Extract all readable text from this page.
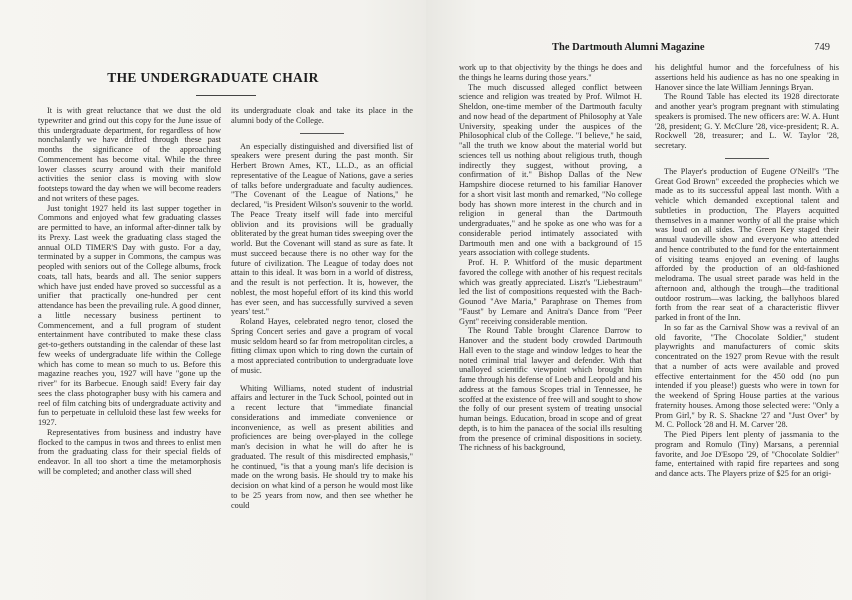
THE UNDERGRADUATE CHAIR

It is with great reluctance that we dust the old typewriter and grind out this copy for the June issue of this undergraduate department, for regardless of how nonchalantly we have drifted through these past months the significance of the approaching Commencement has become vital. While the three lower classes scurry around with their manifold activities the senior class is moving with slow footsteps toward the day when we will become readers and not writers of these pages.

Just tonight 1927 held its last supper together in Commons and enjoyed what few graduating classes are permitted to have, an informal after-dinner talk by its Prexy. Last week the graduating class staged the annual OLD TIMER'S Day with gusto. For a day, terminated by a supper in Commons, the campus was peopled with seniors out of the College albums, frock coats, tall hats, beards and all. The senior suppers which have just ended have proved so successful as a unifier that practically one-hundred per cent attendance has been the prevailing rule. A good dinner, a little necessary business pertinent to Commencement, and a full program of student entertainment have contributed to make these class get-to-gethers outstanding in the calendar of these last few weeks of undergraduate life within the College which has come to mean so much to us. Before this magazine reaches you, 1927 will have "gone up the river" for its Barbecue. Enough said! Every fair day sees the class photographer busy with his camera and reel of film catching bits of undergraduate activity and fun to perpetuate in celluloid these last few weeks for 1927.

Representatives from business and industry have flocked to the campus in twos and threes to enlist men from the graduating class for their special fields of endeavor. In all too short a time the metamorphosis will be completed; and another class will shed

its undergraduate cloak and take its place in the alumni body of the College.

An especially distinguished and diversified list of speakers were present during the past month. Sir Herbert Brown Ames, KT., LL.D., as an official representative of the League of Nations, gave a series of talks before undergraduate and faculty audiences. "The Covenant of the League of Nations," he declared, "is President Wilson's souvenir to the world. The Peace Treaty itself will fade into merciful oblivion and its provisions will be gradually obliterated by the great human tides sweeping over the world. But the Covenant will stand as sure as fate. It must succeed because there is no other way for the future of civilization. The League of today does not attain to this ideal. It was born in a world of distress, and the result is not perfection. It is, however, the noblest, the most hopeful effort of its kind this world has ever seen, and has successfully survived a seven years' test."

Roland Hayes, celebrated negro tenor, closed the Spring Concert series and gave a program of vocal music seldom heard so far from metropolitan circles, a fitting climax upon which to ring down the curtain of a most appreciated contribution to undergraduate love of music.

Whiting Williams, noted student of industrial affairs and lecturer in the Tuck School, pointed out in a recent lecture that "immediate financial considerations and immediate convenience or inconvenience, as well as present abilities and proficiences are being over-played in the college man's decision in what he will do after he is graduated. The result of this misdirected emphasis," he continued, "is that a young man's life decision is made on the wrong basis. He should try to make his decision on what kind of a person he would most like to be 25 years from now, and then see whether he could

The Dartmouth Alumni Magazine	749

work up to that objectivity by the things he does and the things he learns during those years."

The much discussed alleged conflict between science and religion was treated by Prof. Wilmot H. Sheldon, one-time member of the Dartmouth faculty and now head of the department of Philosophy at Yale University, speaking under the auspices of the Philosophical club of the College. "I believe," he said, "all the truth we know about the material world but sciences tell us nothing about religious truth, though indirectly they suggest, without proving, a confirmation of it." Bishop Dallas of the New Hampshire diocese returned to his familiar Hanover for a short visit last month and remarked, "No college body has shown more interest in the church and in religion in general than the Dartmouth undergraduates," and he spoke as one who was for a considerable period intimately associated with Dartmouth men and one with a background of 15 years association with college students.

Prof. H. P. Whitford of the music department favored the college with another of his request recitals which was greatly appreciated. Liszt's "Liebestraum" led the list of compositions requested with the Bach-Gounod "Ave Maria," Paraphrase on Themes from "Faust" by Lemare and Anitra's Dance from "Peer Gynt" receiving considerable mention.

The Round Table brought Clarence Darrow to Hanover and the student body crowded Dartmouth Hall even to the stage and window ledges to hear the noted criminal trial lawyer and defender. With that unalloyed scientific viewpoint which brought him fame through his defense of Loeb and Leopold and his address at the famous Scopes trial in Tennessee, he scoffed at the existence of free will and sought to show the folly of our present system of treating unsocial human beings. Education, broad in scope and of great depth, is to him the panacea of the social ills resulting from the presence of criminal dispositions in society. The richness of his background,

his delightful humor and the forcefulness of his assertions held his audience as has no one speaking in Hanover since the late William Jennings Bryan.

The Round Table has elected its 1928 directorate and another year's program pregnant with stimulating speakers is promised. The new officers are: W. A. Hunt '28, president; G. Y. McClure '28, vice-president; R. A. Rockwell '28, treasurer; and L. W. Taylor '28, secretary.

The Player's production of Eugene O'Neill's "The Great God Brown" exceeded the prophecies which we made as to its successful appeal last month. With a vehicle which demanded exceptional talent and subtleties in production, The Players acquitted themselves in a manner worthy of all the praise which was loud on all sides. The Green Key staged their annual vaudeville show and everyone who attended and hence contributed to the fund for the entertainment of visiting teams enjoyed an evening of laughs afforded by the production of an old-fashioned melodrama. The usual street parade was held in the afternoon and, although the trough—the traditional outdoor rostrum—was lacking, the ballyhoos blared forth from the rear seat of a characteristic flivver parked in front of the Inn.

In so far as the Carnival Show was a revival of an old favorite, "The Chocolate Soldier," student playwrights and manufacturers of comic skits concentrated on the 1927 prom Revue with the result that a number of acts were available and proved effective entertainment for the 450 odd (no pun intended if you please!) guests who were in town for the weekend of Spring House parties at the various fraternity houses. Among those selected were: "Only a Prom Girl," by R. S. Shackne '27 and "Just Over" by M. C. Pollock '28 and H. M. Carver '28.

The Pied Pipers lent plenty of jassmania to the program and Romulo (Tiny) Marsans, a perennial favorite, and Joe D'Esopo '29, of "Chocolate Soldier" fame, entertained with rapid fire repartees and song and dance acts. The Players prize of $25 for an origi-
